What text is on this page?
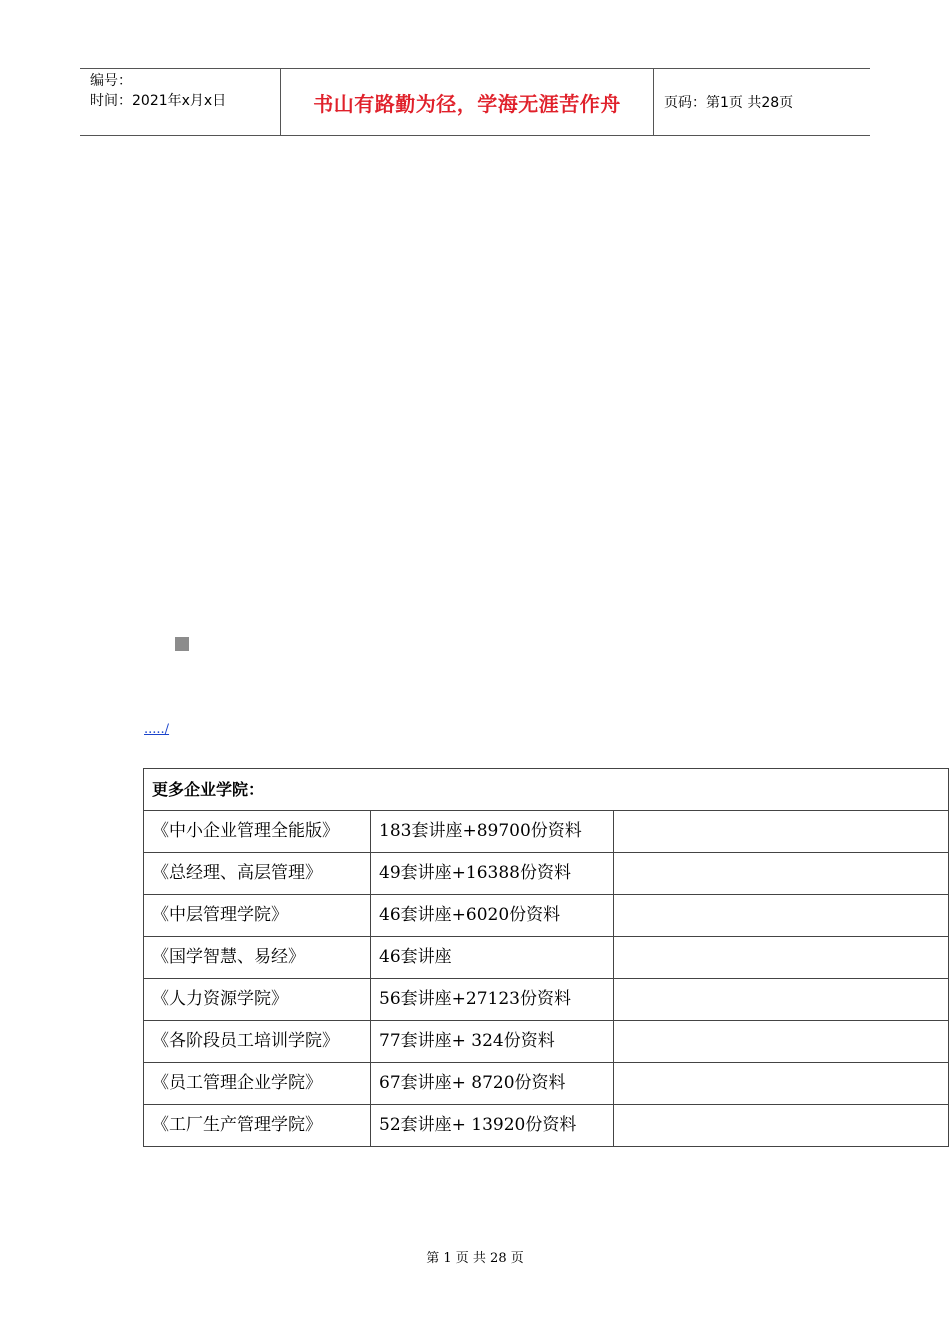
编号：
时间：2021年x月x日	书山有路勤为径，学海无涯苦作舟	页码：第1页 共28页
...../
更多企业学院：		
《中小企业管理全能版》	183套讲座+89700份资料	
《总经理、高层管理》	49套讲座+16388份资料	
《中层管理学院》	46套讲座+6020份资料	
《国学智慧、易经》	46套讲座	
《人力资源学院》	56套讲座+27123份资料	
《各阶段员工培训学院》	77套讲座+ 324份资料	
《员工管理企业学院》	67套讲座+ 8720份资料	
《工厂生产管理学院》	52套讲座+ 13920份资料	
第 1 页 共 28 页
